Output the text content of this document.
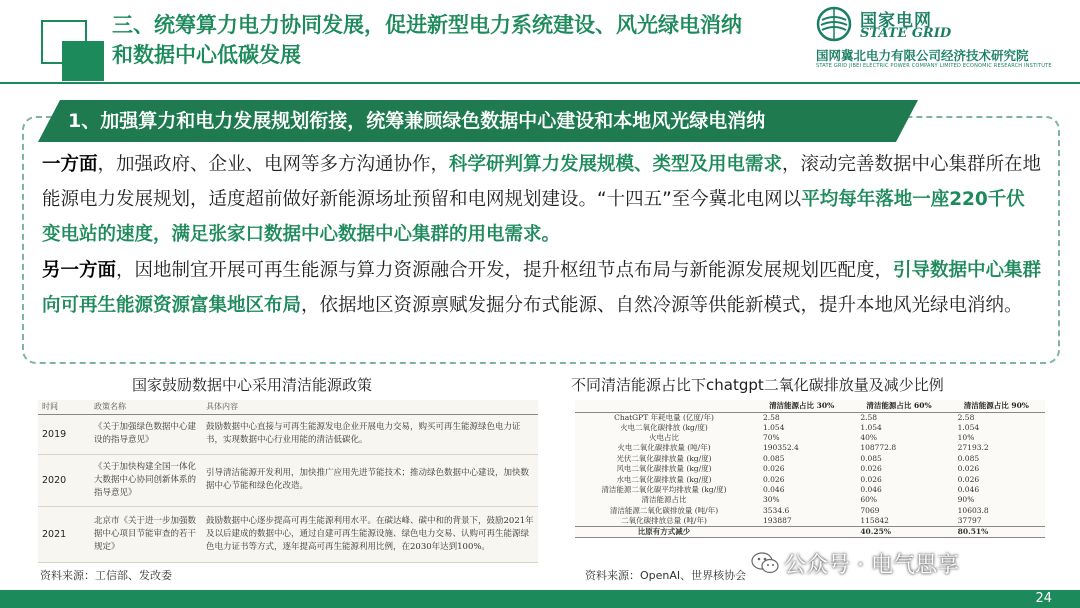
三、统筹算力电力协同发展，促进新型电力系统建设、风光绿电消纳和数据中心低碳发展
国家电网
STATE GRID
国网冀北电力有限公司经济技术研究院
STATE GRID JIBEI ELECTRIC POWER COMPANY LIMITED ECONOMIC RESEARCH INSTITUTE
1、加强算力和电力发展规划衔接，统筹兼顾绿色数据中心建设和本地风光绿电消纳
一方面，加强政府、企业、电网等多方沟通协作，科学研判算力发展规模、类型及用电需求，滚动完善数据中心集群所在地能源电力发展规划，适度超前做好新能源场址预留和电网规划建设。“十四五”至今冀北电网以平均每年落地一座220千伏变电站的速度，满足张家口数据中心数据中心集群的用电需求。
另一方面，因地制宜开展可再生能源与算力资源融合开发，提升枢纽节点布局与新能源发展规划匹配度，引导数据中心集群向可再生能源资源富集地区布局，依据地区资源禀赋发掘分布式能源、自然冷源等供能新模式，提升本地风光绿电消纳。
国家鼓励数据中心采用清洁能源政策
时间	政策名称	具体内容
2019	《关于加强绿色数据中心建设的指导意见》	鼓励数据中心直接与可再生能源发电企业开展电力交易，购买可再生能源绿色电力证书，实现数据中心行业用能的清洁低碳化。
2020	《关于加快构建全国一体化大数据中心协同创新体系的指导意见》	引导清洁能源开发利用，加快推广应用先进节能技术；推动绿色数据中心建设，加快数据中心节能和绿色化改造。
2021	北京市《关于进一步加强数据中心项目节能审查的若干规定》	鼓励数据中心逐步提高可再生能源利用水平。在碳达峰、碳中和的背景下，鼓励2021年及以后建成的数据中心，通过自建可再生能源设施、绿色电力交易、认购可再生能源绿色电力证书等方式，逐年提高可再生能源利用比例，在2030年达到100%。
资料来源：工信部、发改委
不同清洁能源占比下chatgpt二氧化碳排放量及减少比例
	清洁能源占比 30%	清洁能源占比 60%	清洁能源占比 90%
ChatGPT 年耗电量 (亿度/年)	2.58	2.58	2.58
火电二氧化碳排放 (kg/度)	1.054	1.054	1.054
火电占比	70%	40%	10%
火电二氧化碳排放量 (吨/年)	190352.4	108772.8	27193.2
光伏二氧化碳排放量 (kg/度)	0.085	0.085	0.085
风电二氧化碳排放量 (kg/度)	0.026	0.026	0.026
水电二氧化碳排放量 (kg/度)	0.026	0.026	0.026
清洁能源二氧化碳平均排放量 (kg/度)	0.046	0.046	0.046
清洁能源占比	30%	60%	90%
清洁能源二氧化碳排放量 (吨/年)	3534.6	7069	10603.8
二氧化碳排放总量 (吨/年)	193887	115842	37797
比原有方式减少		40.25%	80.51%
资料来源：OpenAI、世界核协会 公众号 · 电气思享
24
